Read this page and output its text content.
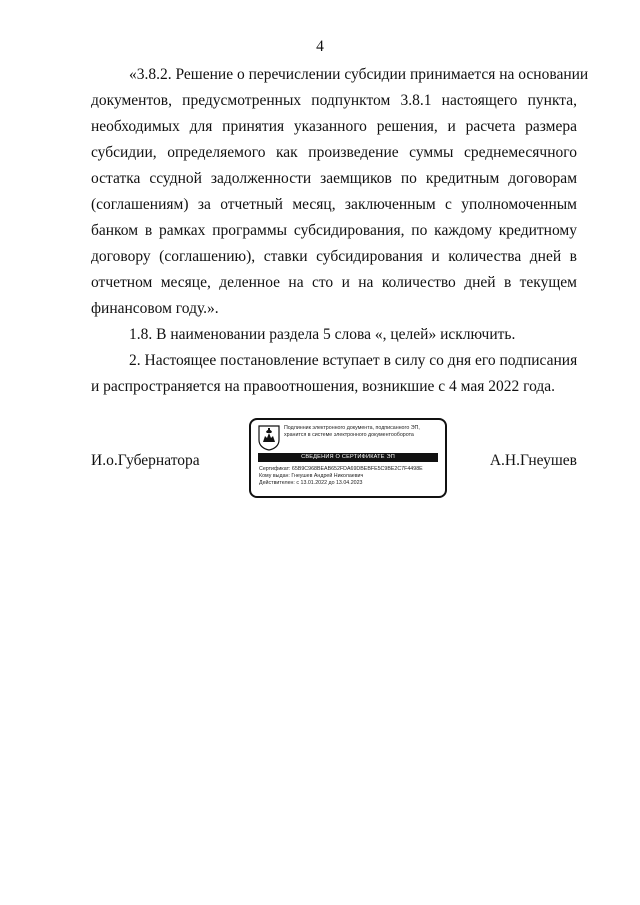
4
«3.8.2. Решение о перечислении субсидии принимается на основании
документов, предусмотренных подпунктом 3.8.1 настоящего пункта,
необходимых для принятия указанного решения, и расчета размера
субсидии, определяемого как произведение суммы среднемесячного
остатка ссудной задолженности заемщиков по кредитным договорам
(соглашениям) за отчетный месяц, заключенным с уполномоченным
банком в рамках программы субсидирования, по каждому кредитному
договору (соглашению), ставки субсидирования и количества дней в
отчетном месяце, деленное на сто и на количество дней в текущем
финансовом году.».
1.8. В наименовании раздела 5 слова «, целей» исключить.
2. Настоящее постановление вступает в силу со дня его подписания
и распространяется на правоотношения, возникшие с 4 мая 2022 года.
И.о.Губернатора
Подлинник электронного документа, подписанного ЭП,
хранится в системе электронного документооборота
СВЕДЕНИЯ О СЕРТИФИКАТЕ ЭП
Сертификат: 65B9C968BEAB652FDA69DBEBFE5C9BE2C7F4498E
Кому выдан: Гнеушев Андрей Николаевич
Действителен: с 13.01.2022 до 13.04.2023
А.Н.Гнеушев
